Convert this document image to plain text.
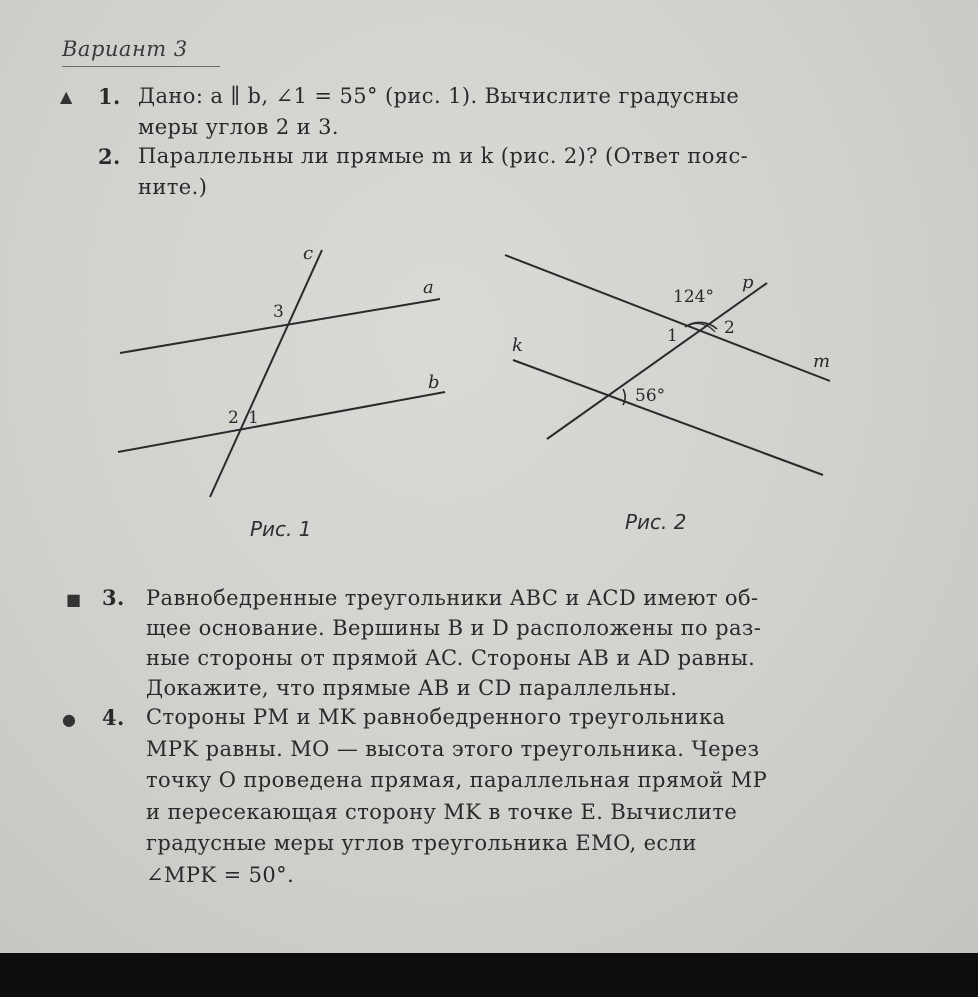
Вариант 3
▲ 1. Дано: a ∥ b, ∠1 = 55° (рис. 1). Вычислите градусные
меры углов 2 и 3.
2. Параллельны ли прямые m и k (рис. 2)? (Ответ пояс-
ните.)
c
a
b
3
2 1
Рис. 1
124°
56°
p
m
k	1	2
Рис. 2
■ 3. Равнобедренные треугольники ABC и ACD имеют об-
щее основание. Вершины B и D расположены по раз-
ные стороны от прямой AC. Стороны AB и AD равны.
Докажите, что прямые AB и CD параллельны.
● 4. Стороны PM и MK равнобедренного треугольника
MPK равны. MO — высота этого треугольника. Через
точку O проведена прямая, параллельная прямой MP
и пересекающая сторону MK в точке E. Вычислите
градусные меры углов треугольника EMO, если
∠MPK = 50°.
